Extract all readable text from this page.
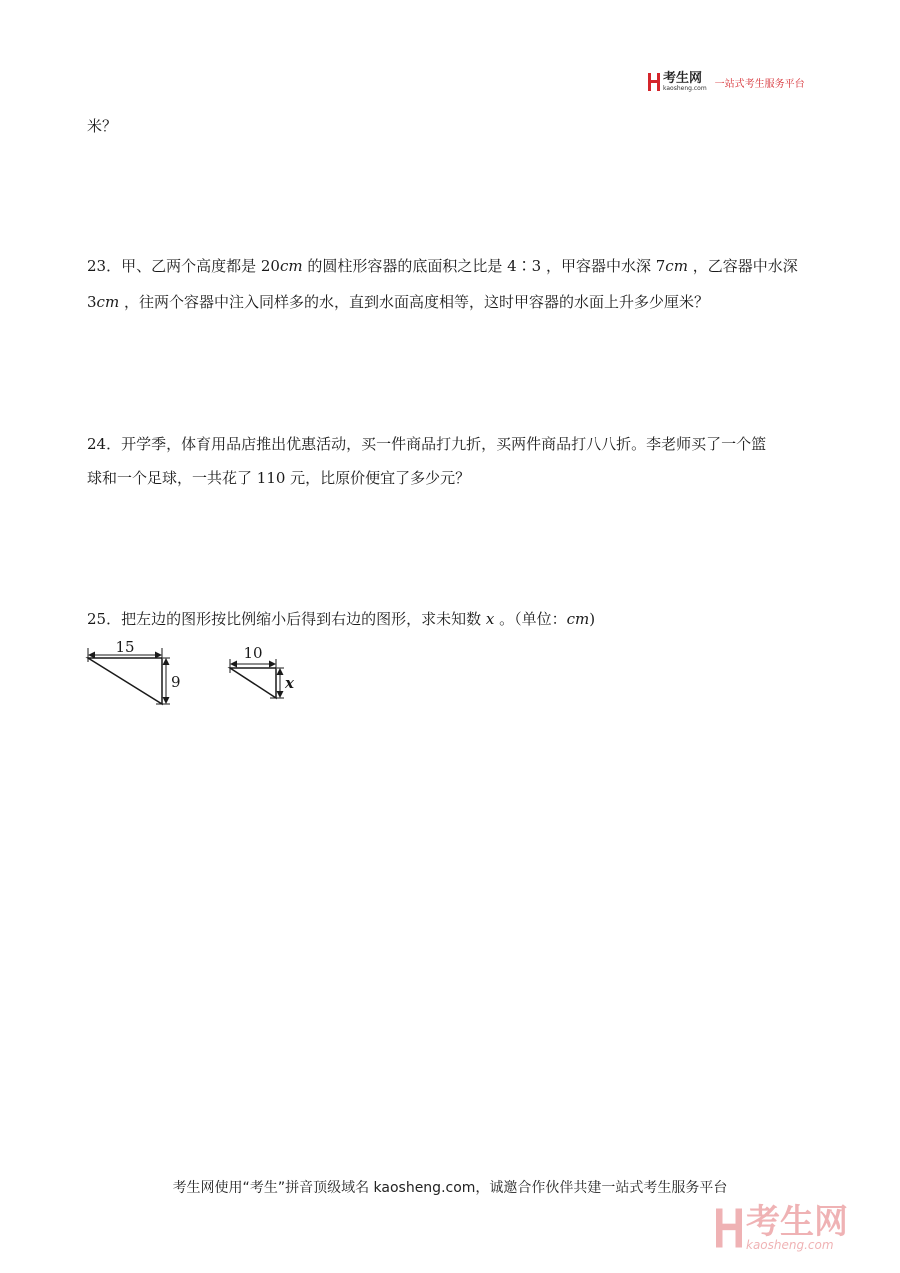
考生网
kaosheng.com 一站式考生服务平台
米？
23．甲、乙两个高度都是 20cm 的圆柱形容器的底面积之比是 4∶3 ，甲容器中水深 7cm ，乙容器中水深
3cm ，往两个容器中注入同样多的水，直到水面高度相等，这时甲容器的水面上升多少厘米？
24．开学季，体育用品店推出优惠活动，买一件商品打九折，买两件商品打八八折。李老师买了一个篮
球和一个足球，一共花了 110 元，比原价便宜了多少元？
25．把左边的图形按比例缩小后得到右边的图形，求未知数 x 。（单位：cm)
15
9
10
x
考生网使用“考生”拼音顶级域名 kaosheng.com，诚邀合作伙伴共建一站式考生服务平台
考生网
kaosheng.com
